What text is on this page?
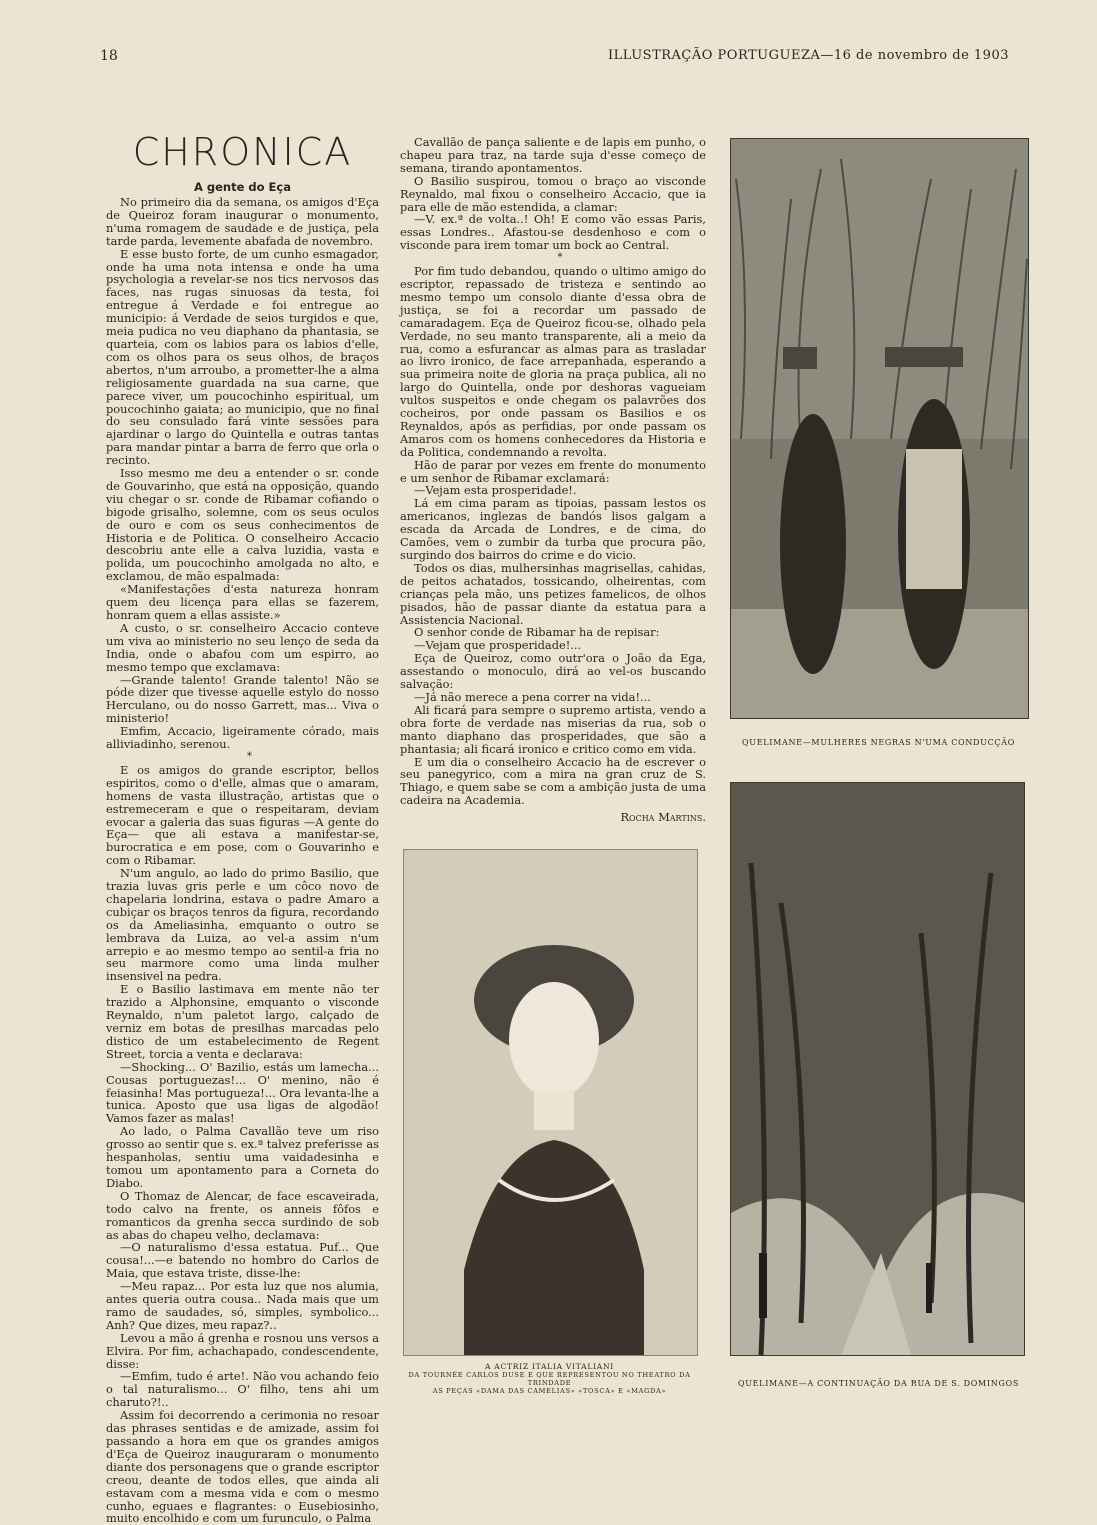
18	ILLUSTRAÇÃO PORTUGUEZA—16 de novembro de 1903
CHRONICA
A gente do Eça

No primeiro dia da semana, os amigos d'Eça de Queiroz foram inaugurar o monumento, n'uma romagem de saudade e de justiça, pela tarde parda, levemente abafada de novembro.

E esse busto forte, de um cunho esmagador, onde ha uma nota intensa e onde ha uma psychologia a revelar-se nos tics nervosos das faces, nas rugas sinuosas da testa, foi entregue á Verdade e foi entregue ao municipio: á Verdade de seios turgidos e que, meia pudica no veu diaphano da phantasia, se quarteia, com os labios para os labios d'elle, com os olhos para os seus olhos, de braços abertos, n'um arroubo, a prometter-lhe a alma religiosamente guardada na sua carne, que parece viver, um poucochinho espiritual, um poucochinho gaiata; ao municipio, que no final do seu consulado fará vinte sessões para ajardinar o largo do Quintella e outras tantas para mandar pintar a barra de ferro que orla o recinto.

Isso mesmo me deu a entender o sr. conde de Gouvarinho, que está na opposição, quando viu chegar o sr. conde de Ribamar cofiando o bigode grisalho, solemne, com os seus oculos de ouro e com os seus conhecimentos de Historia e de Politica. O conselheiro Accacio descobriu ante elle a calva luzidia, vasta e polida, um poucochinho amolgada no alto, e exclamou, de mão espalmada:

«Manifestações d'esta natureza honram quem deu licença para ellas se fazerem, honram quem a ellas assiste.»

A custo, o sr. conselheiro Accacio conteve um viva ao ministerio no seu lenço de seda da India, onde o abafou com um espirro, ao mesmo tempo que exclamava:

—Grande talento! Grande talento! Não se póde dizer que tivesse aquelle estylo do nosso Herculano, ou do nosso Garrett, mas... Viva o ministerio!

Emfim, Accacio, ligeiramente córado, mais alliviadinho, serenou.

*

E os amigos do grande escriptor, bellos espiritos, como o d'elle, almas que o amaram, homens de vasta illustração, artistas que o estremeceram e que o respeitaram, deviam evocar a galeria das suas figuras —A gente do Eça— que ali estava a manifestar-se, burocratica e em pose, com o Gouvarinho e com o Ribamar.

N'um angulo, ao lado do primo Basilio, que trazia luvas gris perle e um côco novo de chapelaria londrina, estava o padre Amaro a cubiçar os braços tenros da figura, recordando os da Ameliasinha, emquanto o outro se lembrava da Luiza, ao vel-a assim n'um arrepio e ao mesmo tempo ao sentil-a fria no seu marmore como uma linda mulher insensivel na pedra.

E o Basilio lastimava em mente não ter trazido a Alphonsine, emquanto o visconde Reynaldo, n'um paletot largo, calçado de verniz em botas de presilhas marcadas pelo distico de um estabelecimento de Regent Street, torcia a venta e declarava:

—Shocking... O' Bazilio, estás um lamecha... Cousas portuguezas!... O' menino, não é feiasinha! Mas portugueza!... Ora levanta-lhe a tunica. Aposto que usa ligas de algodão! Vamos fazer as malas!

Ao lado, o Palma Cavallão teve um riso grosso ao sentir que s. ex.ª talvez preferisse as hespanholas, sentiu uma vaidadesinha e tomou um apontamento para a Corneta do Diabo.

O Thomaz de Alencar, de face escaveirada, todo calvo na frente, os anneis fôfos e romanticos da grenha secca surdindo de sob as abas do chapeu velho, declamava:

—O naturalismo d'essa estatua. Puf... Que cousa!...—e batendo no hombro do Carlos de Maia, que estava triste, disse-lhe:

—Meu rapaz... Por esta luz que nos alumia, antes queria outra cousa.. Nada mais que um ramo de saudades, só, simples, symbolico... Anh? Que dizes, meu rapaz?..

Levou a mão á grenha e rosnou uns versos a Elvira. Por fim, achachapado, condescendente, disse:

—Emfim, tudo é arte!. Não vou achando feio o tal naturalismo... O' filho, tens ahi um charuto?!..

Assim foi decorrendo a cerimonia no resoar das phrases sentidas e de amizade, assim foi passando a hora em que os grandes amigos d'Eça de Queiroz inauguraram o monumento diante dos personagens que o grande escriptor creou, deante de todos elles, que ainda ali estavam com a mesma vida e com o mesmo cunho, eguaes e flagrantes: o Eusebiosinho, muito encolhido e com um furunculo, o Palma

Cavallão de pança saliente e de lapis em punho, o chapeu para traz, na tarde suja d'esse começo de semana, tirando apontamentos.

O Basilio suspirou, tomou o braço ao visconde Reynaldo, mal fixou o conselheiro Accacio, que ia para elle de mão estendida, a clamar:

—V. ex.ª de volta..! Oh! E como vão essas Paris, essas Londres.. Afastou-se desdenhoso e com o visconde para irem tomar um bock ao Central.

*

Por fim tudo debandou, quando o ultimo amigo do escriptor, repassado de tristeza e sentindo ao mesmo tempo um consolo diante d'essa obra de justiça, se foi a recordar um passado de camaradagem. Eça de Queiroz ficou-se, olhado pela Verdade, no seu manto transparente, ali a meio da rua, como a esfurancar as almas para as trasladar ao livro ironico, de face arrepanhada, esperando a sua primeira noite de gloria na praça publica, ali no largo do Quintella, onde por deshoras vagueiam vultos suspeitos e onde chegam os palavrões dos cocheiros, por onde passam os Basilios e os Reynaldos, após as perfidias, por onde passam os Amaros com os homens conhecedores da Historia e da Politica, condemnando a revolta.

Hão de parar por vezes em frente do monumento e um senhor de Ribamar exclamará:

—Vejam esta prosperidade!.

Lá em cima param as tipoias, passam lestos os americanos, inglezas de bandós lisos galgam a escada da Arcada de Londres, e de cima, do Camões, vem o zumbir da turba que procura pão, surgindo dos bairros do crime e do vicio.

Todos os dias, mulhersinhas magrisellas, cahidas, de peitos achatados, tossicando, olheirentas, com crianças pela mão, uns petizes famelicos, de olhos pisados, hão de passar diante da estatua para a Assistencia Nacional.

O senhor conde de Ribamar ha de repisar:

—Vejam que prosperidade!...

Eça de Queiroz, como outr'ora o João da Ega, assestando o monoculo, dirá ao vel-os buscando salvação:

—Já não merece a pena correr na vida!...

Ali ficará para sempre o supremo artista, vendo a obra forte de verdade nas miserias da rua, sob o manto diaphano das prosperidades, que são a phantasia; ali ficará ironico e critico como em vida.

E um dia o conselheiro Accacio ha de escrever o seu panegyrico, com a mira na gran cruz de S. Thiago, e quem sabe se com a ambição justa de uma cadeira na Academia.

Rocha Martins.
QUELIMANE—MULHERES NEGRAS N'UMA CONDUCÇÃO
A ACTRIZ ITALIA VITALIANI
DA TOURNÉE CARLOS DUSE E QUE REPRESENTOU NO THEATRO DA TRINDADE
AS PEÇAS «DAMA DAS CAMELIAS» «TOSCA» E «MAGDA»
QUELIMANE—A CONTINUAÇÃO DA RUA DE S. DOMINGOS
